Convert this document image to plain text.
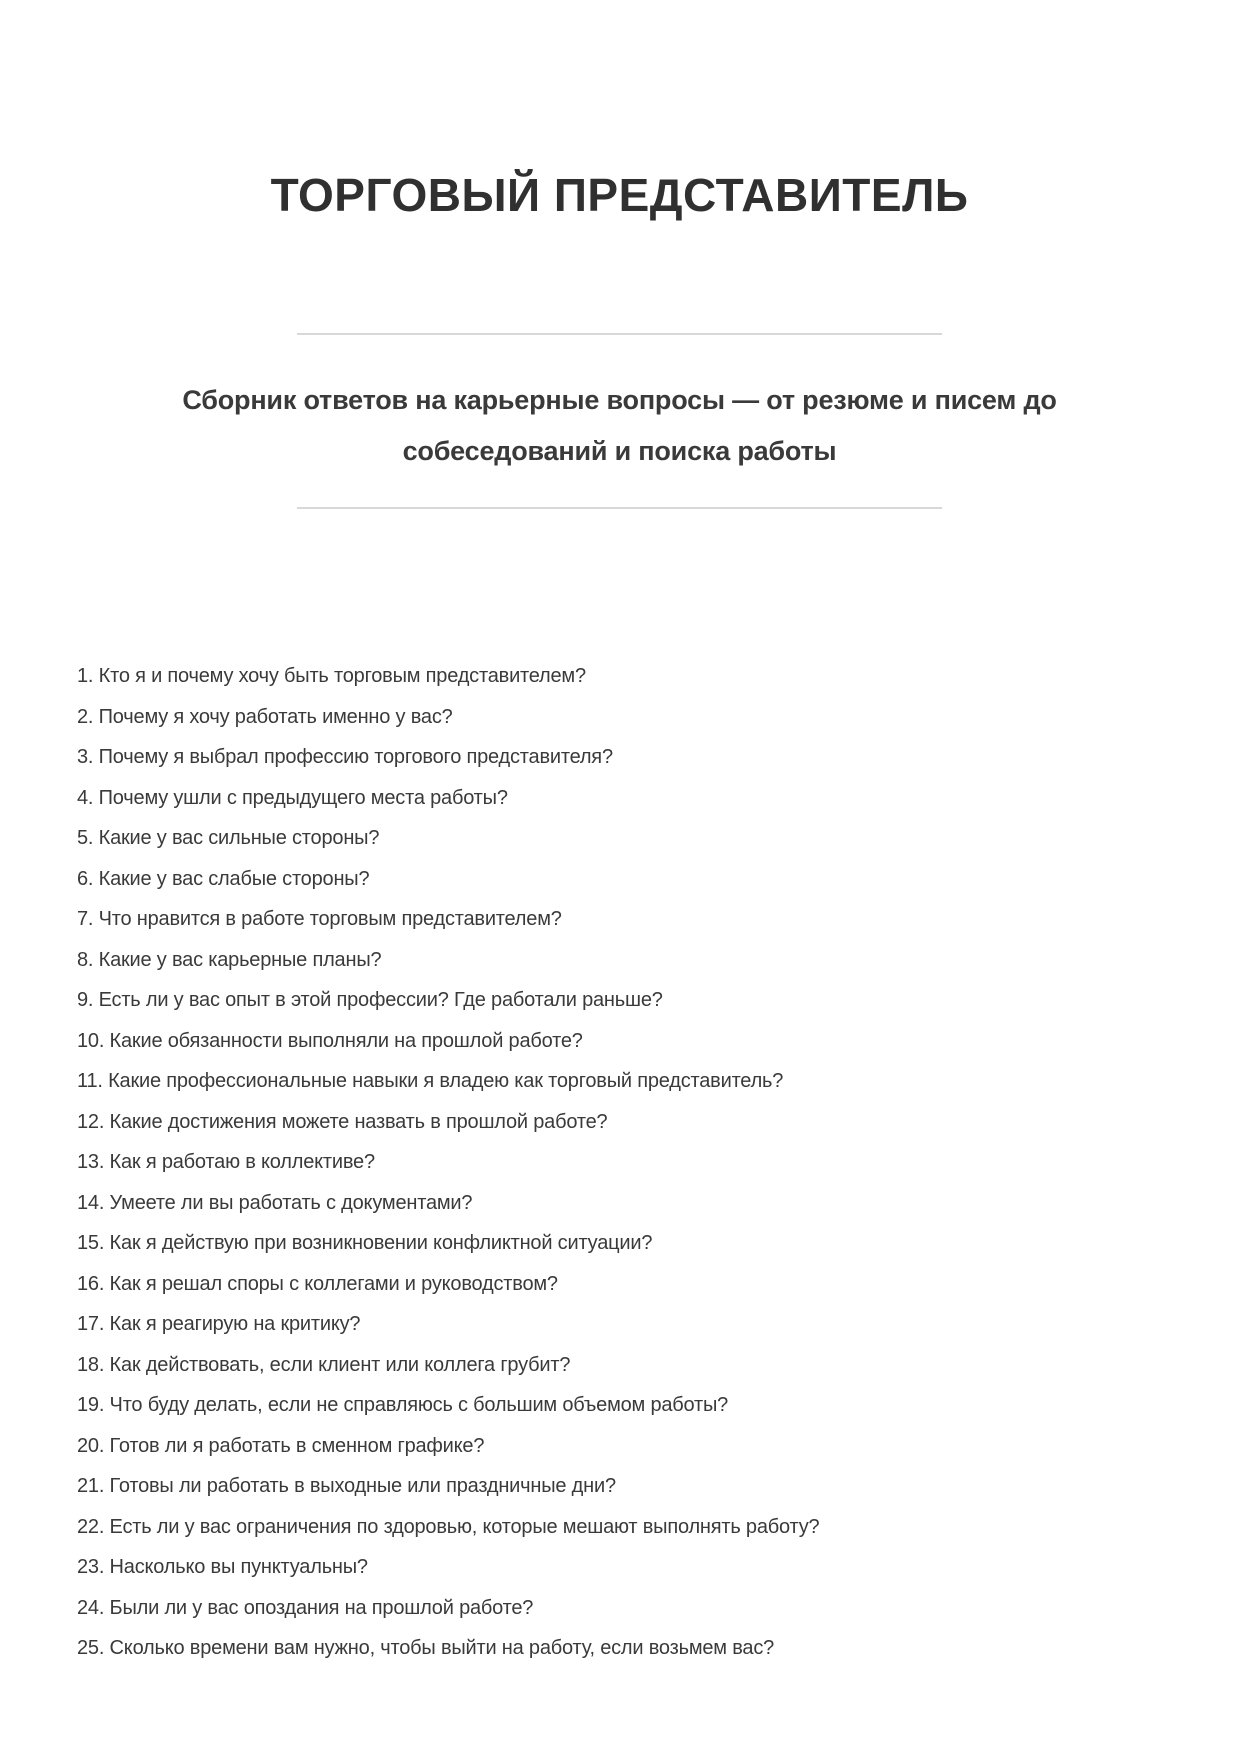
ТОРГОВЫЙ ПРЕДСТАВИТЕЛЬ

Сборник ответов на карьерные вопросы — от резюме и писем до собеседований и поиска работы

1. Кто я и почему хочу быть торговым представителем?
2. Почему я хочу работать именно у вас?
3. Почему я выбрал профессию торгового представителя?
4. Почему ушли с предыдущего места работы?
5. Какие у вас сильные стороны?
6. Какие у вас слабые стороны?
7. Что нравится в работе торговым представителем?
8. Какие у вас карьерные планы?
9. Есть ли у вас опыт в этой профессии? Где работали раньше?
10. Какие обязанности выполняли на прошлой работе?
11. Какие профессиональные навыки я владею как торговый представитель?
12. Какие достижения можете назвать в прошлой работе?
13. Как я работаю в коллективе?
14. Умеете ли вы работать с документами?
15. Как я действую при возникновении конфликтной ситуации?
16. Как я решал споры с коллегами и руководством?
17. Как я реагирую на критику?
18. Как действовать, если клиент или коллега грубит?
19. Что буду делать, если не справляюсь с большим объемом работы?
20. Готов ли я работать в сменном графике?
21. Готовы ли работать в выходные или праздничные дни?
22. Есть ли у вас ограничения по здоровью, которые мешают выполнять работу?
23. Насколько вы пунктуальны?
24. Были ли у вас опоздания на прошлой работе?
25. Сколько времени вам нужно, чтобы выйти на работу, если возьмем вас?
